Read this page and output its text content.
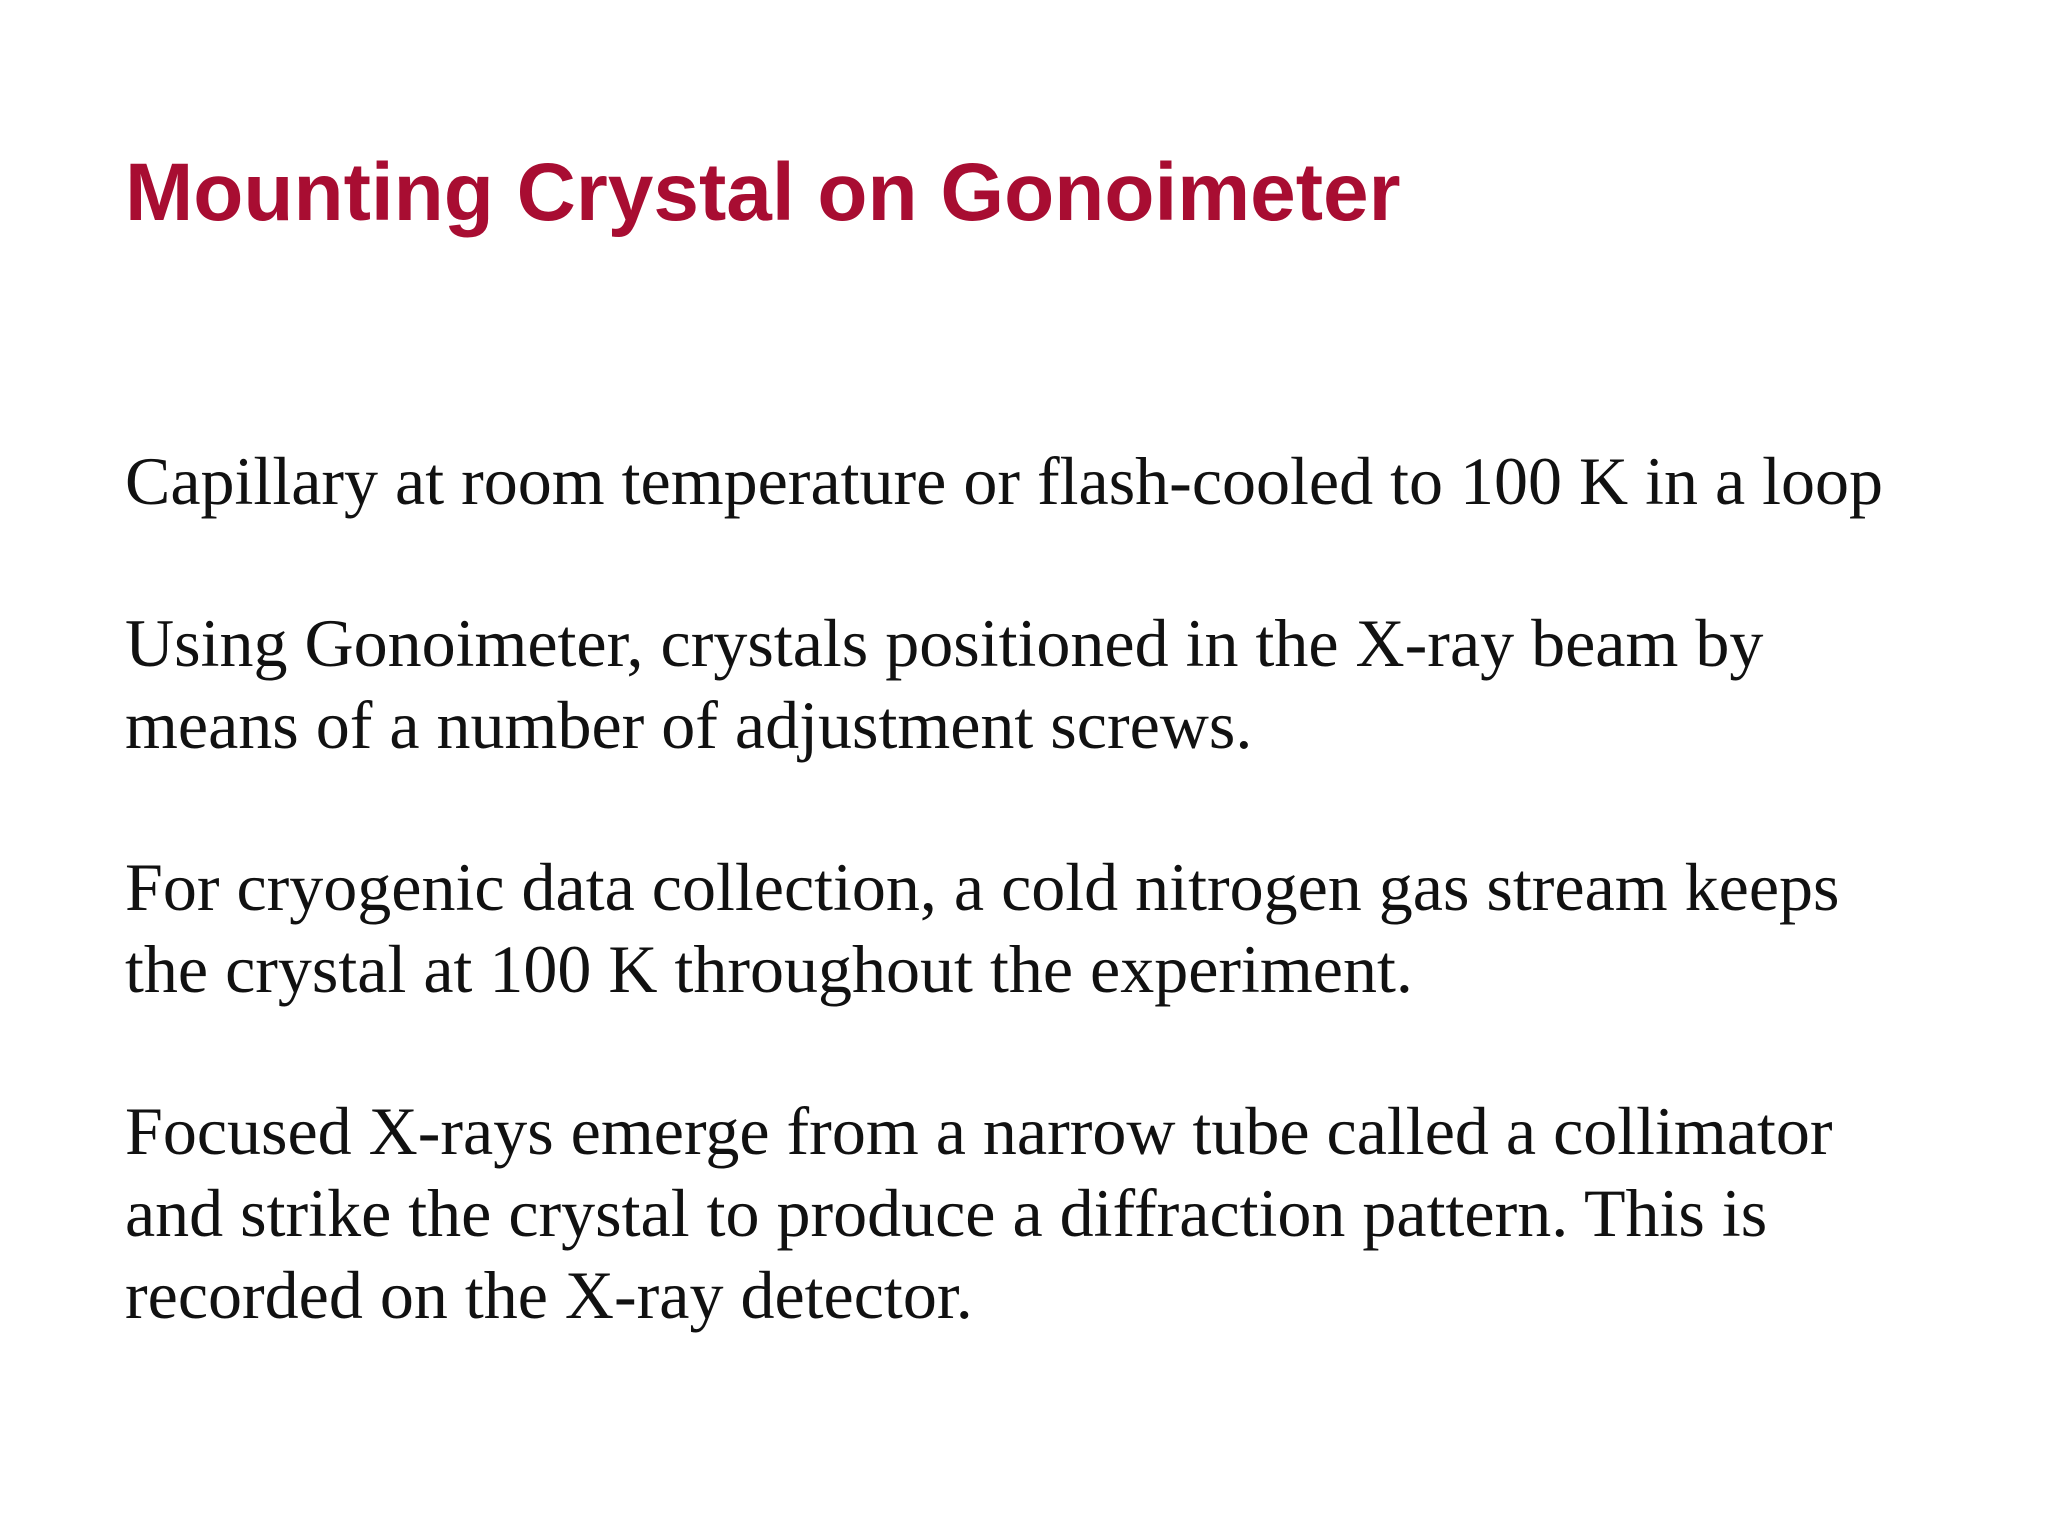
Mounting Crystal on Gonoimeter

Capillary at room temperature or flash-cooled to 100 K in a loop

Using Gonoimeter, crystals positioned in the X-ray beam by
means of a number of adjustment screws.

For cryogenic data collection, a cold nitrogen gas stream keeps
the crystal at 100 K throughout the experiment.

Focused X-rays emerge from a narrow tube called a collimator
and strike the crystal to produce a diffraction pattern. This is
recorded on the X-ray detector.
